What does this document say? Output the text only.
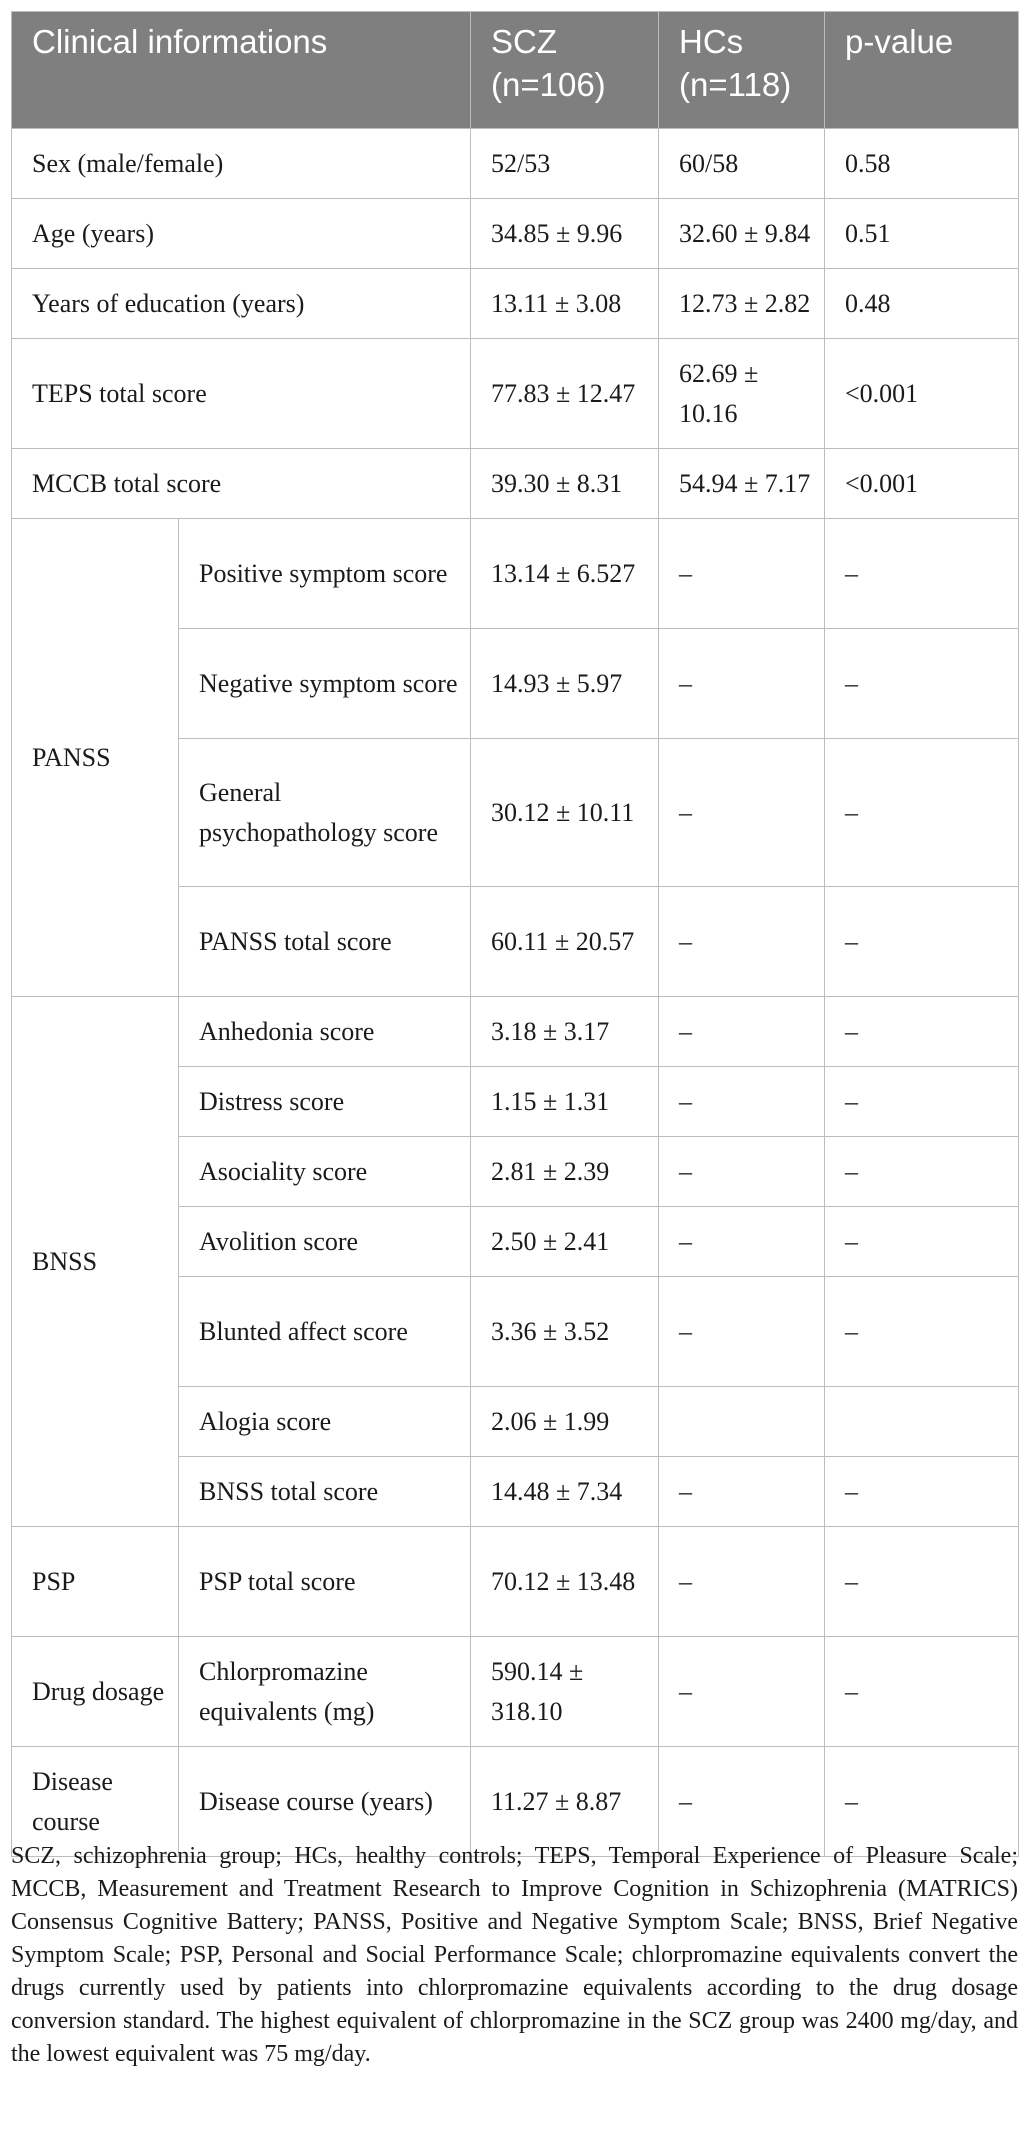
Clinical informations		SCZ (n=106)	HCs (n=118)	p-value
Sex (male/female)		52/53	60/58	0.58
Age (years)		34.85 ± 9.96	32.60 ± 9.84	0.51
Years of education (years)		13.11 ± 3.08	12.73 ± 2.82	0.48
TEPS total score		77.83 ± 12.47	62.69 ± 10.16	<0.001
MCCB total score		39.30 ± 8.31	54.94 ± 7.17	<0.001
PANSS	Positive symptom score	13.14 ± 6.527	–	–
	Negative symptom score	14.93 ± 5.97	–	–
	General psychopathology score	30.12 ± 10.11	–	–
	PANSS total score	60.11 ± 20.57	–	–
BNSS	Anhedonia score	3.18 ± 3.17	–	–
	Distress score	1.15 ± 1.31	–	–
	Asociality score	2.81 ± 2.39	–	–
	Avolition score	2.50 ± 2.41	–	–
	Blunted affect score	3.36 ± 3.52	–	–
	Alogia score	2.06 ± 1.99		
	BNSS total score	14.48 ± 7.34	–	–
PSP	PSP total score	70.12 ± 13.48	–	–
Drug dosage	Chlorpromazine equivalents (mg)	590.14 ± 318.10	–	–
Disease course	Disease course (years)	11.27 ± 8.87	–	–

SCZ, schizophrenia group; HCs, healthy controls; TEPS, Temporal Experience of Pleasure Scale; MCCB, Measurement and Treatment Research to Improve Cognition in Schizophrenia (MATRICS) Consensus Cognitive Battery; PANSS, Positive and Negative Symptom Scale; BNSS, Brief Negative Symptom Scale; PSP, Personal and Social Performance Scale; chlorpromazine equivalents convert the drugs currently used by patients into chlorpromazine equivalents according to the drug dosage conversion standard. The highest equivalent of chlorpromazine in the SCZ group was 2400 mg/day, and the lowest equivalent was 75 mg/day.
